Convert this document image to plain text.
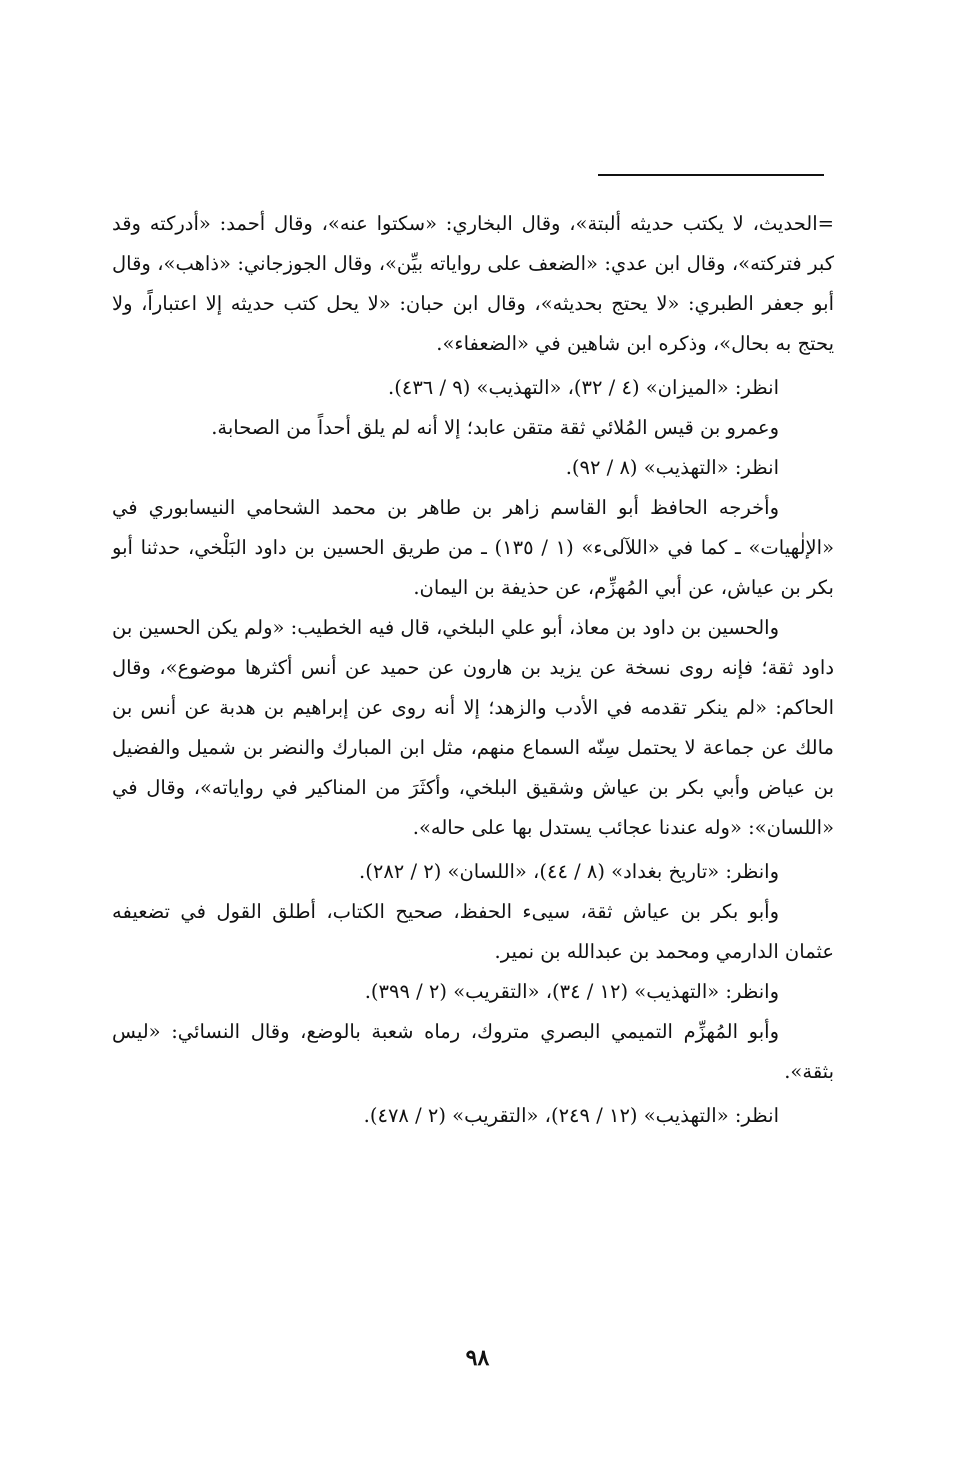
=الحديث، لا يكتب حديثه ألبتة»، وقال البخاري: «سكتوا عنه»، وقال أحمد: «أدركته وقد كبر فتركته»، وقال ابن عدي: «الضعف على رواياته بيِّن»، وقال الجوزجاني: «ذاهب»، وقال أبو جعفر الطبري: «لا يحتج بحديثه»، وقال ابن حبان: «لا يحل كتب حديثه إلا اعتباراً، ولا يحتج به بحال»، وذكره ابن شاهين في «الضعفاء».

انظر: «الميزان» (٤ / ٣٢)، «التهذيب» (٩ / ٤٣٦).

وعمرو بن قيس المُلائي ثقة متقن عابد؛ إلا أنه لم يلق أحداً من الصحابة.

انظر: «التهذيب» (٨ / ٩٢).

وأخرجه الحافظ أبو القاسم زاهر بن طاهر بن محمد الشحامي النيسابوري في «الإلٰهيات» ـ كما في «اللآلىء» (١ / ١٣٥) ـ من طريق الحسين بن داود البَلْخي، حدثنا أبو بكر بن عياش، عن أبي المُهزِّم، عن حذيفة بن اليمان.

والحسين بن داود بن معاذ، أبو علي البلخي، قال فيه الخطيب: «ولم يكن الحسين بن داود ثقة؛ فإنه روى نسخة عن يزيد بن هارون عن حميد عن أنس أكثرها موضوع»، وقال الحاكم: «لم ينكر تقدمه في الأدب والزهد؛ إلا أنه روى عن إبراهيم بن هدبة عن أنس بن مالك عن جماعة لا يحتمل سِنّه السماع منهم، مثل ابن المبارك والنضر بن شميل والفضيل بن عياض وأبي بكر بن عياش وشقيق البلخي، وأكثَرَ من المناكير في رواياته»، وقال في «اللسان»: «وله عندنا عجائب يستدل بها على حاله».

وانظر: «تاريخ بغداد» (٨ / ٤٤)، «اللسان» (٢ / ٢٨٢).

وأبو بكر بن عياش ثقة، سيىء الحفظ، صحيح الكتاب، أطلق القول في تضعيفه عثمان الدارمي ومحمد بن عبدالله بن نمير.

وانظر: «التهذيب» (١٢ / ٣٤)، «التقريب» (٢ / ٣٩٩).

وأبو المُهزِّم التميمي البصري متروك، رماه شعبة بالوضع، وقال النسائي: «ليس بثقة».

انظر: «التهذيب» (١٢ / ٢٤٩)، «التقريب» (٢ / ٤٧٨).

٩٨
